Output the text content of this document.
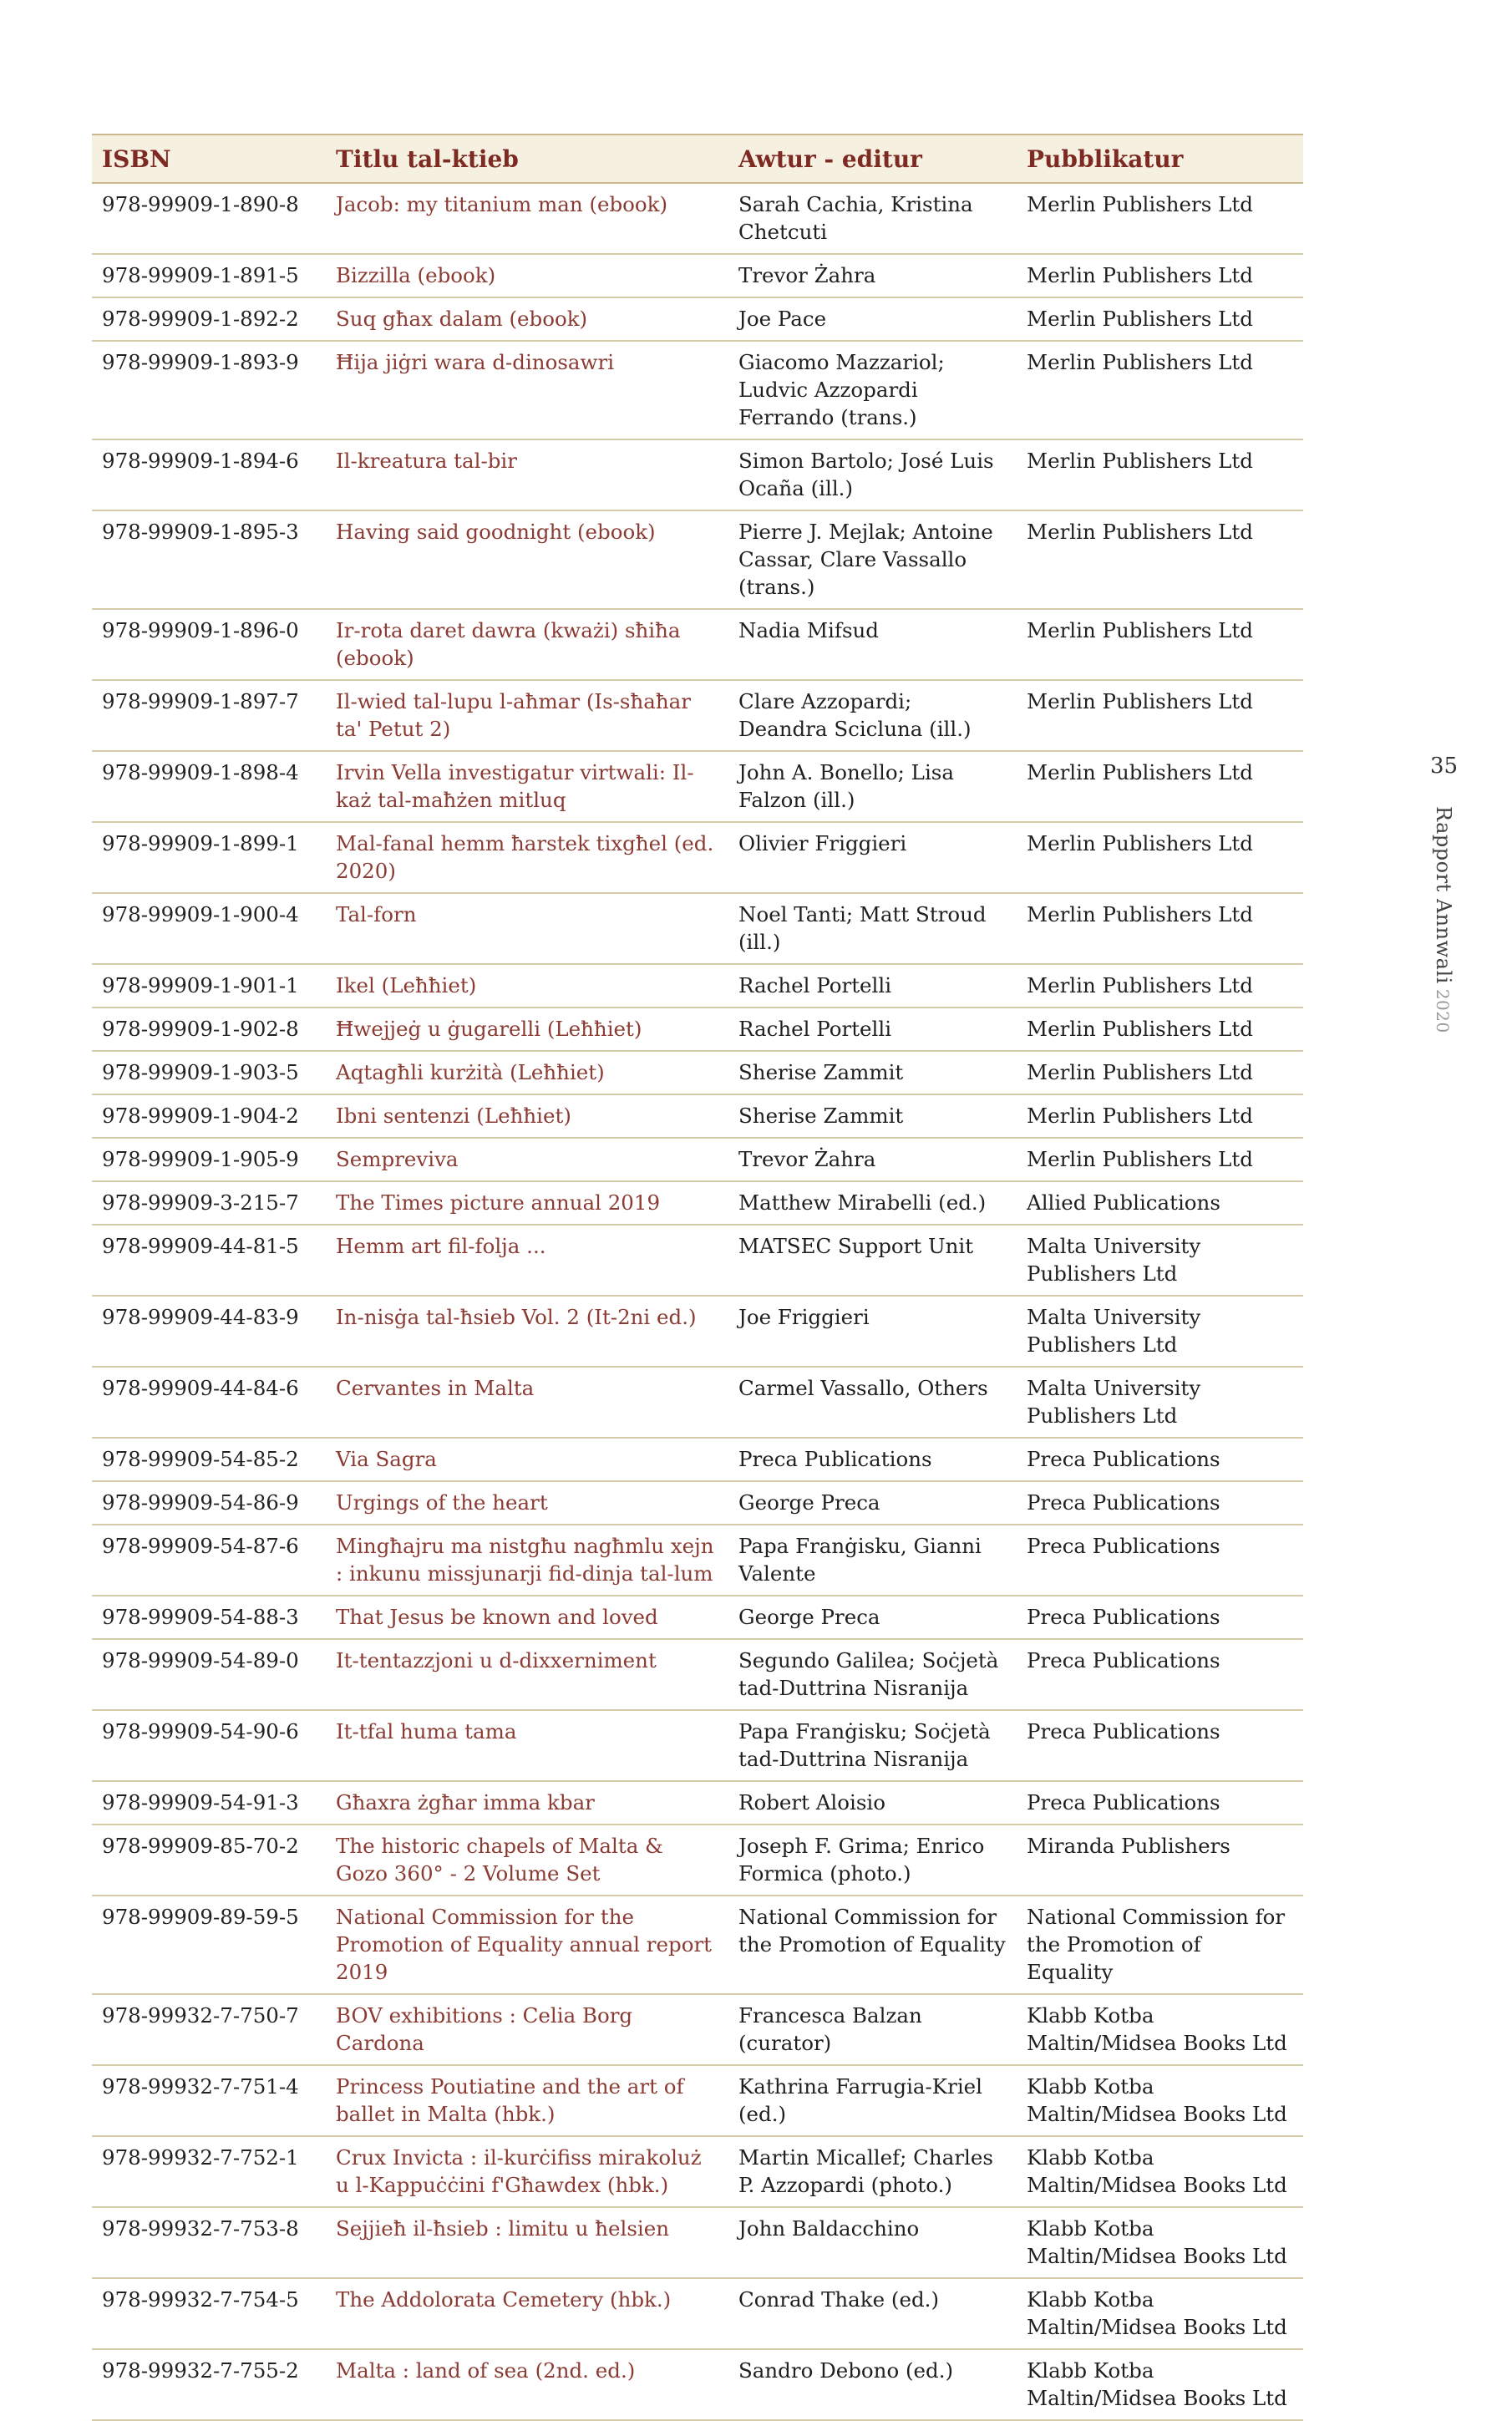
ISBN	Titlu tal-ktieb	Awtur - editur	Pubblikatur
978-99909-1-890-8	Jacob: my titanium man (ebook)	Sarah Cachia, Kristina Chetcuti	Merlin Publishers Ltd
978-99909-1-891-5	Bizzilla (ebook)	Trevor Żahra	Merlin Publishers Ltd
978-99909-1-892-2	Suq għax dalam (ebook)	Joe Pace	Merlin Publishers Ltd
978-99909-1-893-9	Ħija jiġri wara d-dinosawri	Giacomo Mazzariol; Ludvic Azzopardi Ferrando (trans.)	Merlin Publishers Ltd
978-99909-1-894-6	Il-kreatura tal-bir	Simon Bartolo; José Luis Ocaña (ill.)	Merlin Publishers Ltd
978-99909-1-895-3	Having said goodnight (ebook)	Pierre J. Mejlak; Antoine Cassar, Clare Vassallo (trans.)	Merlin Publishers Ltd
978-99909-1-896-0	Ir-rota daret dawra (kważi) sħiħa (ebook)	Nadia Mifsud	Merlin Publishers Ltd
978-99909-1-897-7	Il-wied tal-lupu l-aħmar (Is-sħaħar ta' Petut 2)	Clare Azzopardi; Deandra Scicluna (ill.)	Merlin Publishers Ltd
978-99909-1-898-4	Irvin Vella investigatur virtwali: Il-każ tal-maħżen mitluq	John A. Bonello; Lisa Falzon (ill.)	Merlin Publishers Ltd
978-99909-1-899-1	Mal-fanal hemm ħarstek tixgħel (ed. 2020)	Olivier Friggieri	Merlin Publishers Ltd
978-99909-1-900-4	Tal-forn	Noel Tanti; Matt Stroud (ill.)	Merlin Publishers Ltd
978-99909-1-901-1	Ikel (Leħħiet)	Rachel Portelli	Merlin Publishers Ltd
978-99909-1-902-8	Ħwejjeġ u ġugarelli (Leħħiet)	Rachel Portelli	Merlin Publishers Ltd
978-99909-1-903-5	Aqtagħli kurżità (Leħħiet)	Sherise Zammit	Merlin Publishers Ltd
978-99909-1-904-2	Ibni sentenzi (Leħħiet)	Sherise Zammit	Merlin Publishers Ltd
978-99909-1-905-9	Sempreviva	Trevor Żahra	Merlin Publishers Ltd
978-99909-3-215-7	The Times picture annual 2019	Matthew Mirabelli (ed.)	Allied Publications
978-99909-44-81-5	Hemm art fil-folja ...	MATSEC Support Unit	Malta University Publishers Ltd
978-99909-44-83-9	In-nisġa tal-ħsieb Vol. 2 (It-2ni ed.)	Joe Friggieri	Malta University Publishers Ltd
978-99909-44-84-6	Cervantes in Malta	Carmel Vassallo, Others	Malta University Publishers Ltd
978-99909-54-85-2	Via Sagra	Preca Publications	Preca Publications
978-99909-54-86-9	Urgings of the heart	George Preca	Preca Publications
978-99909-54-87-6	Mingħajru ma nistgħu nagħmlu xejn : inkunu missjunarji fid-dinja tal-lum	Papa Franġisku, Gianni Valente	Preca Publications
978-99909-54-88-3	That Jesus be known and loved	George Preca	Preca Publications
978-99909-54-89-0	It-tentazzjoni u d-dixxerniment	Segundo Galilea; Soċjetà tad-Duttrina Nisranija	Preca Publications
978-99909-54-90-6	It-tfal huma tama	Papa Franġisku; Soċjetà tad-Duttrina Nisranija	Preca Publications
978-99909-54-91-3	Għaxra żgħar imma kbar	Robert Aloisio	Preca Publications
978-99909-85-70-2	The historic chapels of Malta & Gozo 360° - 2 Volume Set	Joseph F. Grima; Enrico Formica (photo.)	Miranda Publishers
978-99909-89-59-5	National Commission for the Promotion of Equality annual report 2019	National Commission for the Promotion of Equality	National Commission for the Promotion of Equality
978-99932-7-750-7	BOV exhibitions : Celia Borg Cardona	Francesca Balzan (curator)	Klabb Kotba Maltin/Midsea Books Ltd
978-99932-7-751-4	Princess Poutiatine and the art of ballet in Malta (hbk.)	Kathrina Farrugia-Kriel (ed.)	Klabb Kotba Maltin/Midsea Books Ltd
978-99932-7-752-1	Crux Invicta : il-kurċifiss mirakoluż u l-Kappuċċini f'Għawdex (hbk.)	Martin Micallef; Charles P. Azzopardi (photo.)	Klabb Kotba Maltin/Midsea Books Ltd
978-99932-7-753-8	Sejjieħ il-ħsieb : limitu u ħelsien	John Baldacchino	Klabb Kotba Maltin/Midsea Books Ltd
978-99932-7-754-5	The Addolorata Cemetery (hbk.)	Conrad Thake (ed.)	Klabb Kotba Maltin/Midsea Books Ltd
978-99932-7-755-2	Malta : land of sea (2nd. ed.)	Sandro Debono (ed.)	Klabb Kotba Maltin/Midsea Books Ltd
35
Rapport Annwali2020
